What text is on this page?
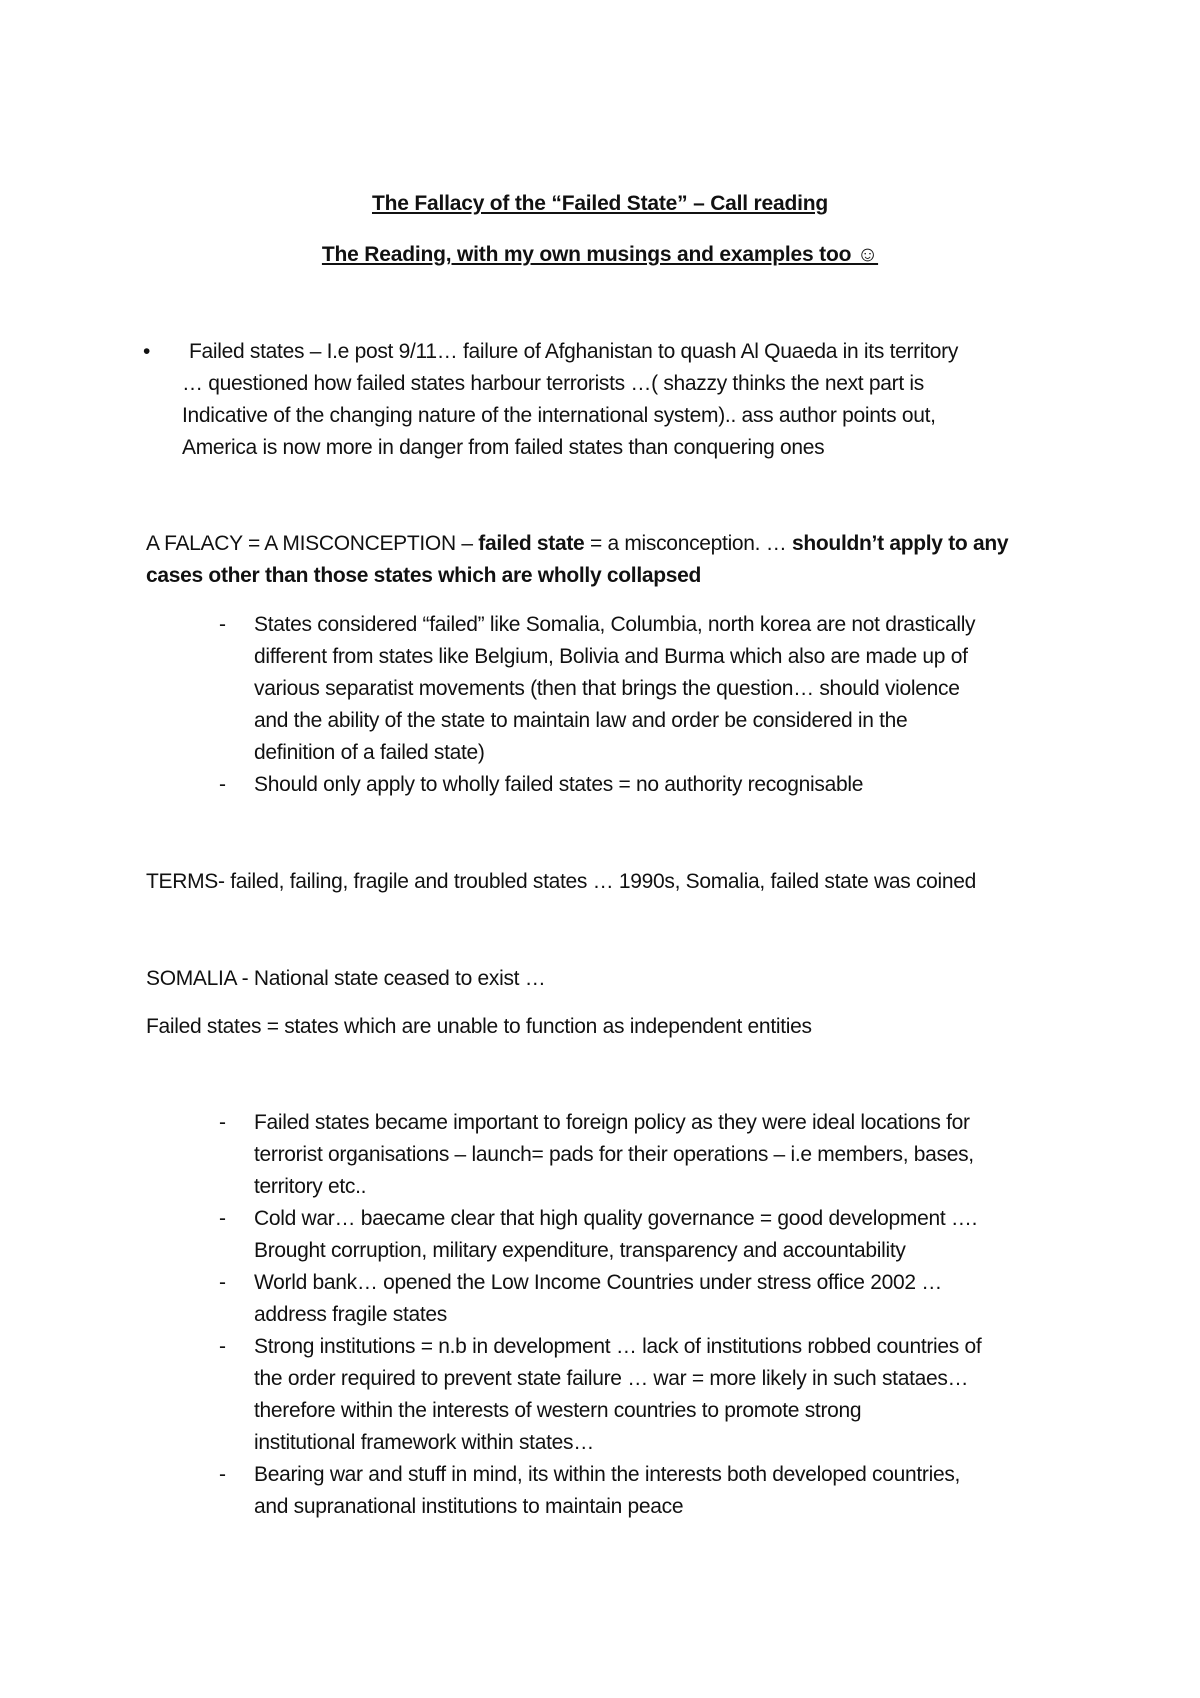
The Fallacy of the “Failed State” – Call reading
The Reading, with my own musings and examples too ☺
• Failed states – I.e post 9/11… failure of Afghanistan to quash Al Quaeda in its territory
… questioned how failed states harbour terrorists …( shazzy thinks the next part is
Indicative of the changing nature of the international system).. ass author points out,
America is now more in danger from failed states than conquering ones
A FALACY = A MISCONCEPTION – failed state = a misconception. … shouldn’t apply to any
cases other than those states which are wholly collapsed
- States considered “failed” like Somalia, Columbia, north korea are not drastically
different from states like Belgium, Bolivia and Burma which also are made up of
various separatist movements (then that brings the question… should violence
and the ability of the state to maintain law and order be considered in the
definition of a failed state)
- Should only apply to wholly failed states = no authority recognisable
TERMS- failed, failing, fragile and troubled states … 1990s, Somalia, failed state was coined
SOMALIA - National state ceased to exist …
Failed states = states which are unable to function as independent entities
- Failed states became important to foreign policy as they were ideal locations for
terrorist organisations – launch= pads for their operations – i.e members, bases,
territory etc..
- Cold war… baecame clear that high quality governance = good development ….
Brought corruption, military expenditure, transparency and accountability
- World bank… opened the Low Income Countries under stress office 2002 …
address fragile states
- Strong institutions = n.b in development … lack of institutions robbed countries of
the order required to prevent state failure … war = more likely in such stataes…
therefore within the interests of western countries to promote strong
institutional framework within states…
- Bearing war and stuff in mind, its within the interests both developed countries,
and supranational institutions to maintain peace
